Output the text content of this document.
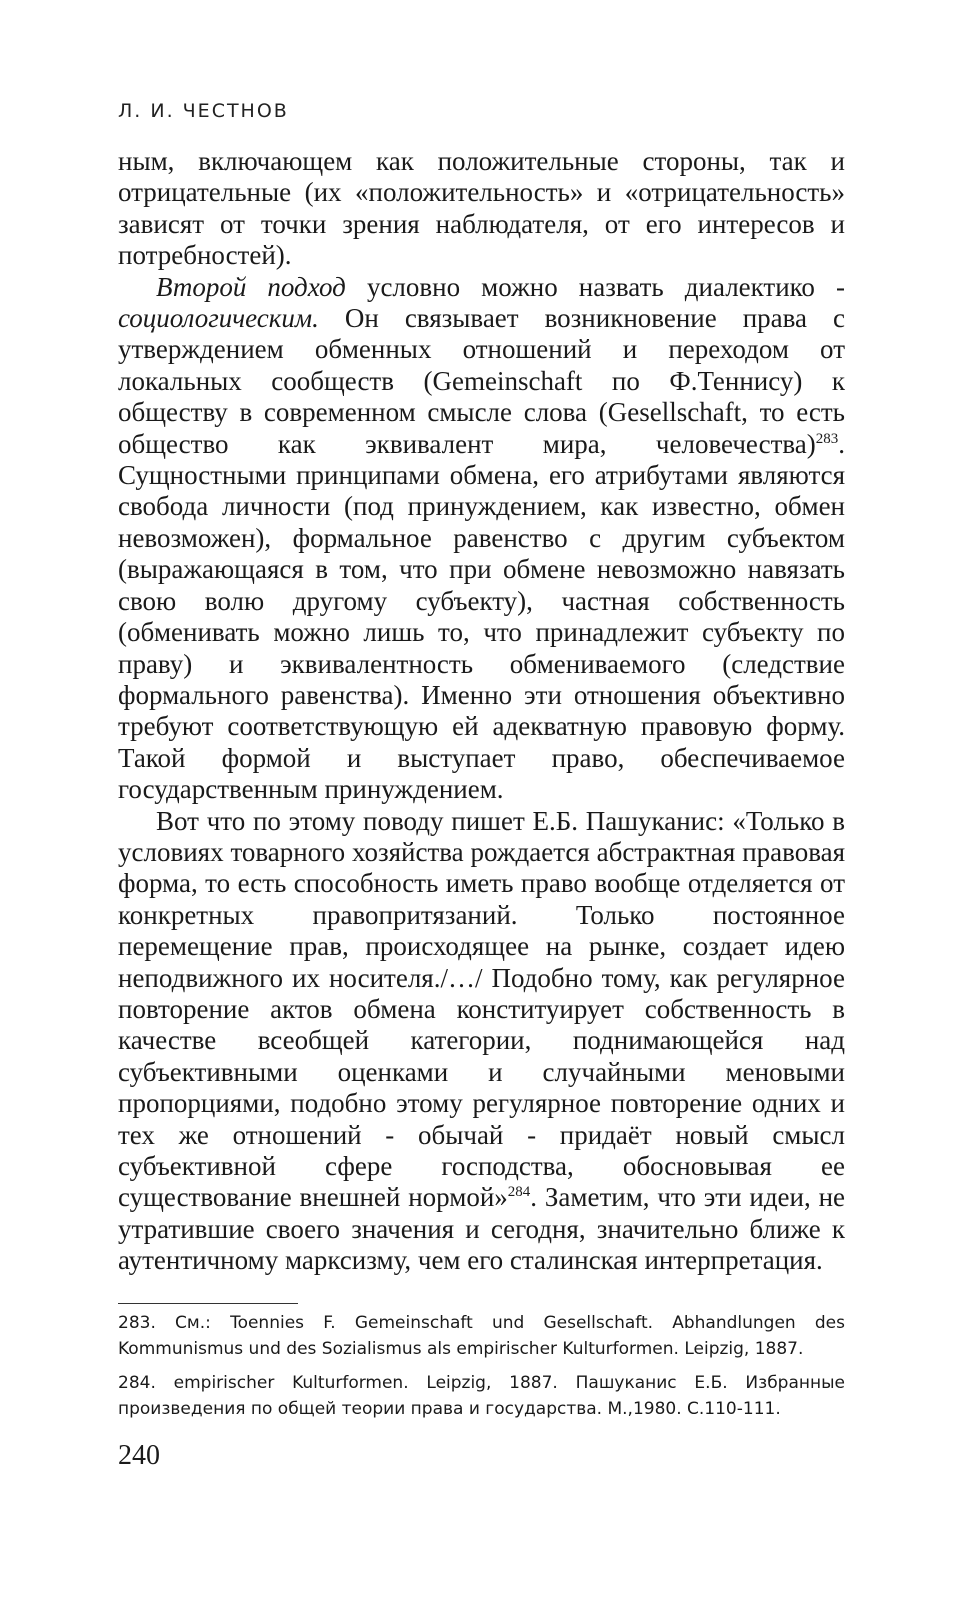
Л. И. ЧЕСТНОВ

ным, включающем как положительные стороны, так и отрицательные (их «положительность» и «отрицательность» зависят от точки зрения наблюдателя, от его интересов и потребностей).

Второй подход условно можно назвать диалектико - социологическим. Он связывает возникновение права с утверждением обменных отношений и переходом от локальных сообществ (Gemeinschaft по Ф.Теннису) к обществу в современном смысле слова (Gesellschaft, то есть общество как эквивалент мира, человечества)$^{283}$. Сущностными принципами обмена, его атрибутами являются свобода личности (под принуждением, как известно, обмен невозможен), формальное равенство с другим субъектом (выражающаяся в том, что при обмене невозможно навязать свою волю другому субъекту), частная собственность (обменивать можно лишь то, что принадлежит субъекту по праву) и эквивалентность обмениваемого (следствие формального равенства). Именно эти отношения объективно требуют соответствующую ей адекватную правовую форму. Такой формой и выступает право, обеспечиваемое государственным принуждением.

Вот что по этому поводу пишет Е.Б. Пашуканис: «Только в условиях товарного хозяйства рождается абстрактная правовая форма, то есть способность иметь право вообще отделяется от конкретных правопритязаний. Только постоянное перемещение прав, происходящее на рынке, создает идею неподвижного их носителя./…/ Подобно тому, как регулярное повторение актов обмена конституирует собственность в качестве всеобщей категории, поднимающейся над субъективными оценками и случайными меновыми пропорциями, подобно этому регулярное повторение одних и тех же отношений - обычай - придаёт новый смысл субъективной сфере господства, обосновывая ее существование внешней нормой»$^{284}$. Заметим, что эти идеи, не утратившие своего значения и сегодня, значительно ближе к аутентичному марксизму, чем его сталинская интерпретация.

283. См.: Toennies F. Gemeinschaft und Gesellschaft. Abhandlungen des Kommunismus und des Sozialismus als empirischer Kulturformen. Leipzig, 1887.

284. empirischer Kulturformen. Leipzig, 1887. Пашуканис Е.Б. Избранные произведения по общей теории права и государства. М.,1980. С.110-111.

240
